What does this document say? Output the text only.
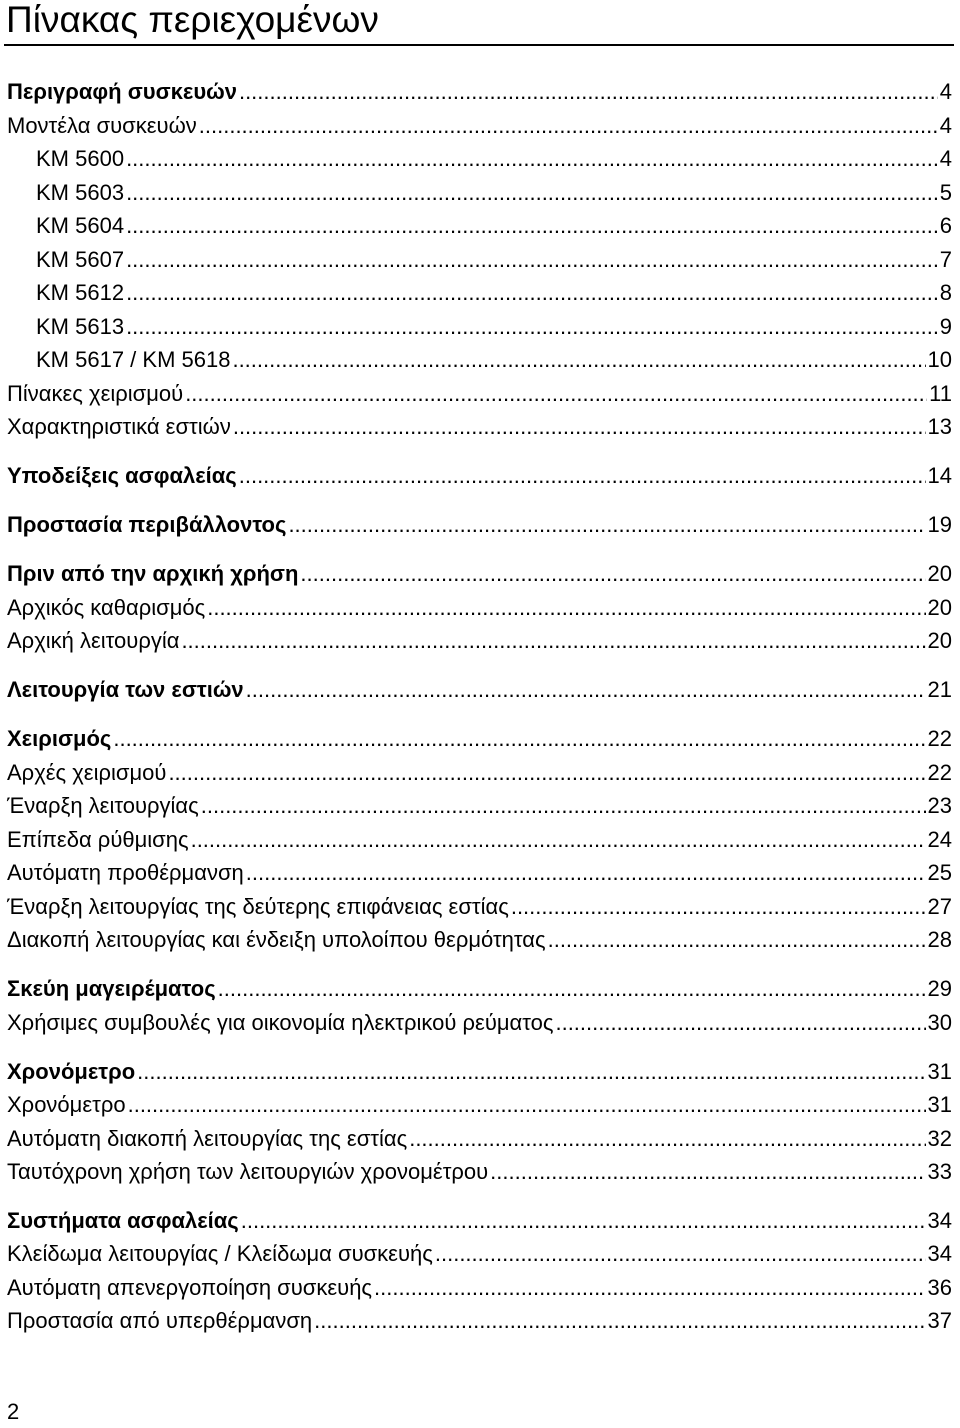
Πίνακας περιεχομένων
Περιγραφή συσκευών .....	4
Μοντέλα συσκευών .....	4
KM 5600 .....	4
KM 5603 .....	5
KM 5604 .....	6
KM 5607 .....	7
KM 5612 .....	8
KM 5613 .....	9
KM 5617 / KM 5618 .....	10
Πίνακες χειρισμού .....	11
Χαρακτηριστικά εστιών .....	13
Υποδείξεις ασφαλείας .....	14
Προστασία περιβάλλοντος .....	19
Πριν από την αρχική χρήση .....	20
Αρχικός καθαρισμός .....	20
Αρχική λειτουργία .....	20
Λειτουργία των εστιών .....	21
Χειρισμός .....	22
Αρχές χειρισμού .....	22
Έναρξη λειτουργίας .....	23
Επίπεδα ρύθμισης .....	24
Αυτόματη προθέρμανση .....	25
Έναρξη λειτουργίας της δεύτερης επιφάνειας εστίας .....	27
Διακοπή λειτουργίας και ένδειξη υπολοίπου θερμότητας .....	28
Σκεύη μαγειρέματος .....	29
Χρήσιμες συμβουλές για οικονομία ηλεκτρικού ρεύματος .....	30
Χρονόμετρο .....	31
Χρονόμετρο .....	31
Αυτόματη διακοπή λειτουργίας της εστίας .....	32
Ταυτόχρονη χρήση των λειτουργιών χρονομέτρου .....	33
Συστήματα ασφαλείας .....	34
Κλείδωμα λειτουργίας / Κλείδωμα συσκευής .....	34
Αυτόματη απενεργοποίηση συσκευής .....	36
Προστασία από υπερθέρμανση .....	37
2
